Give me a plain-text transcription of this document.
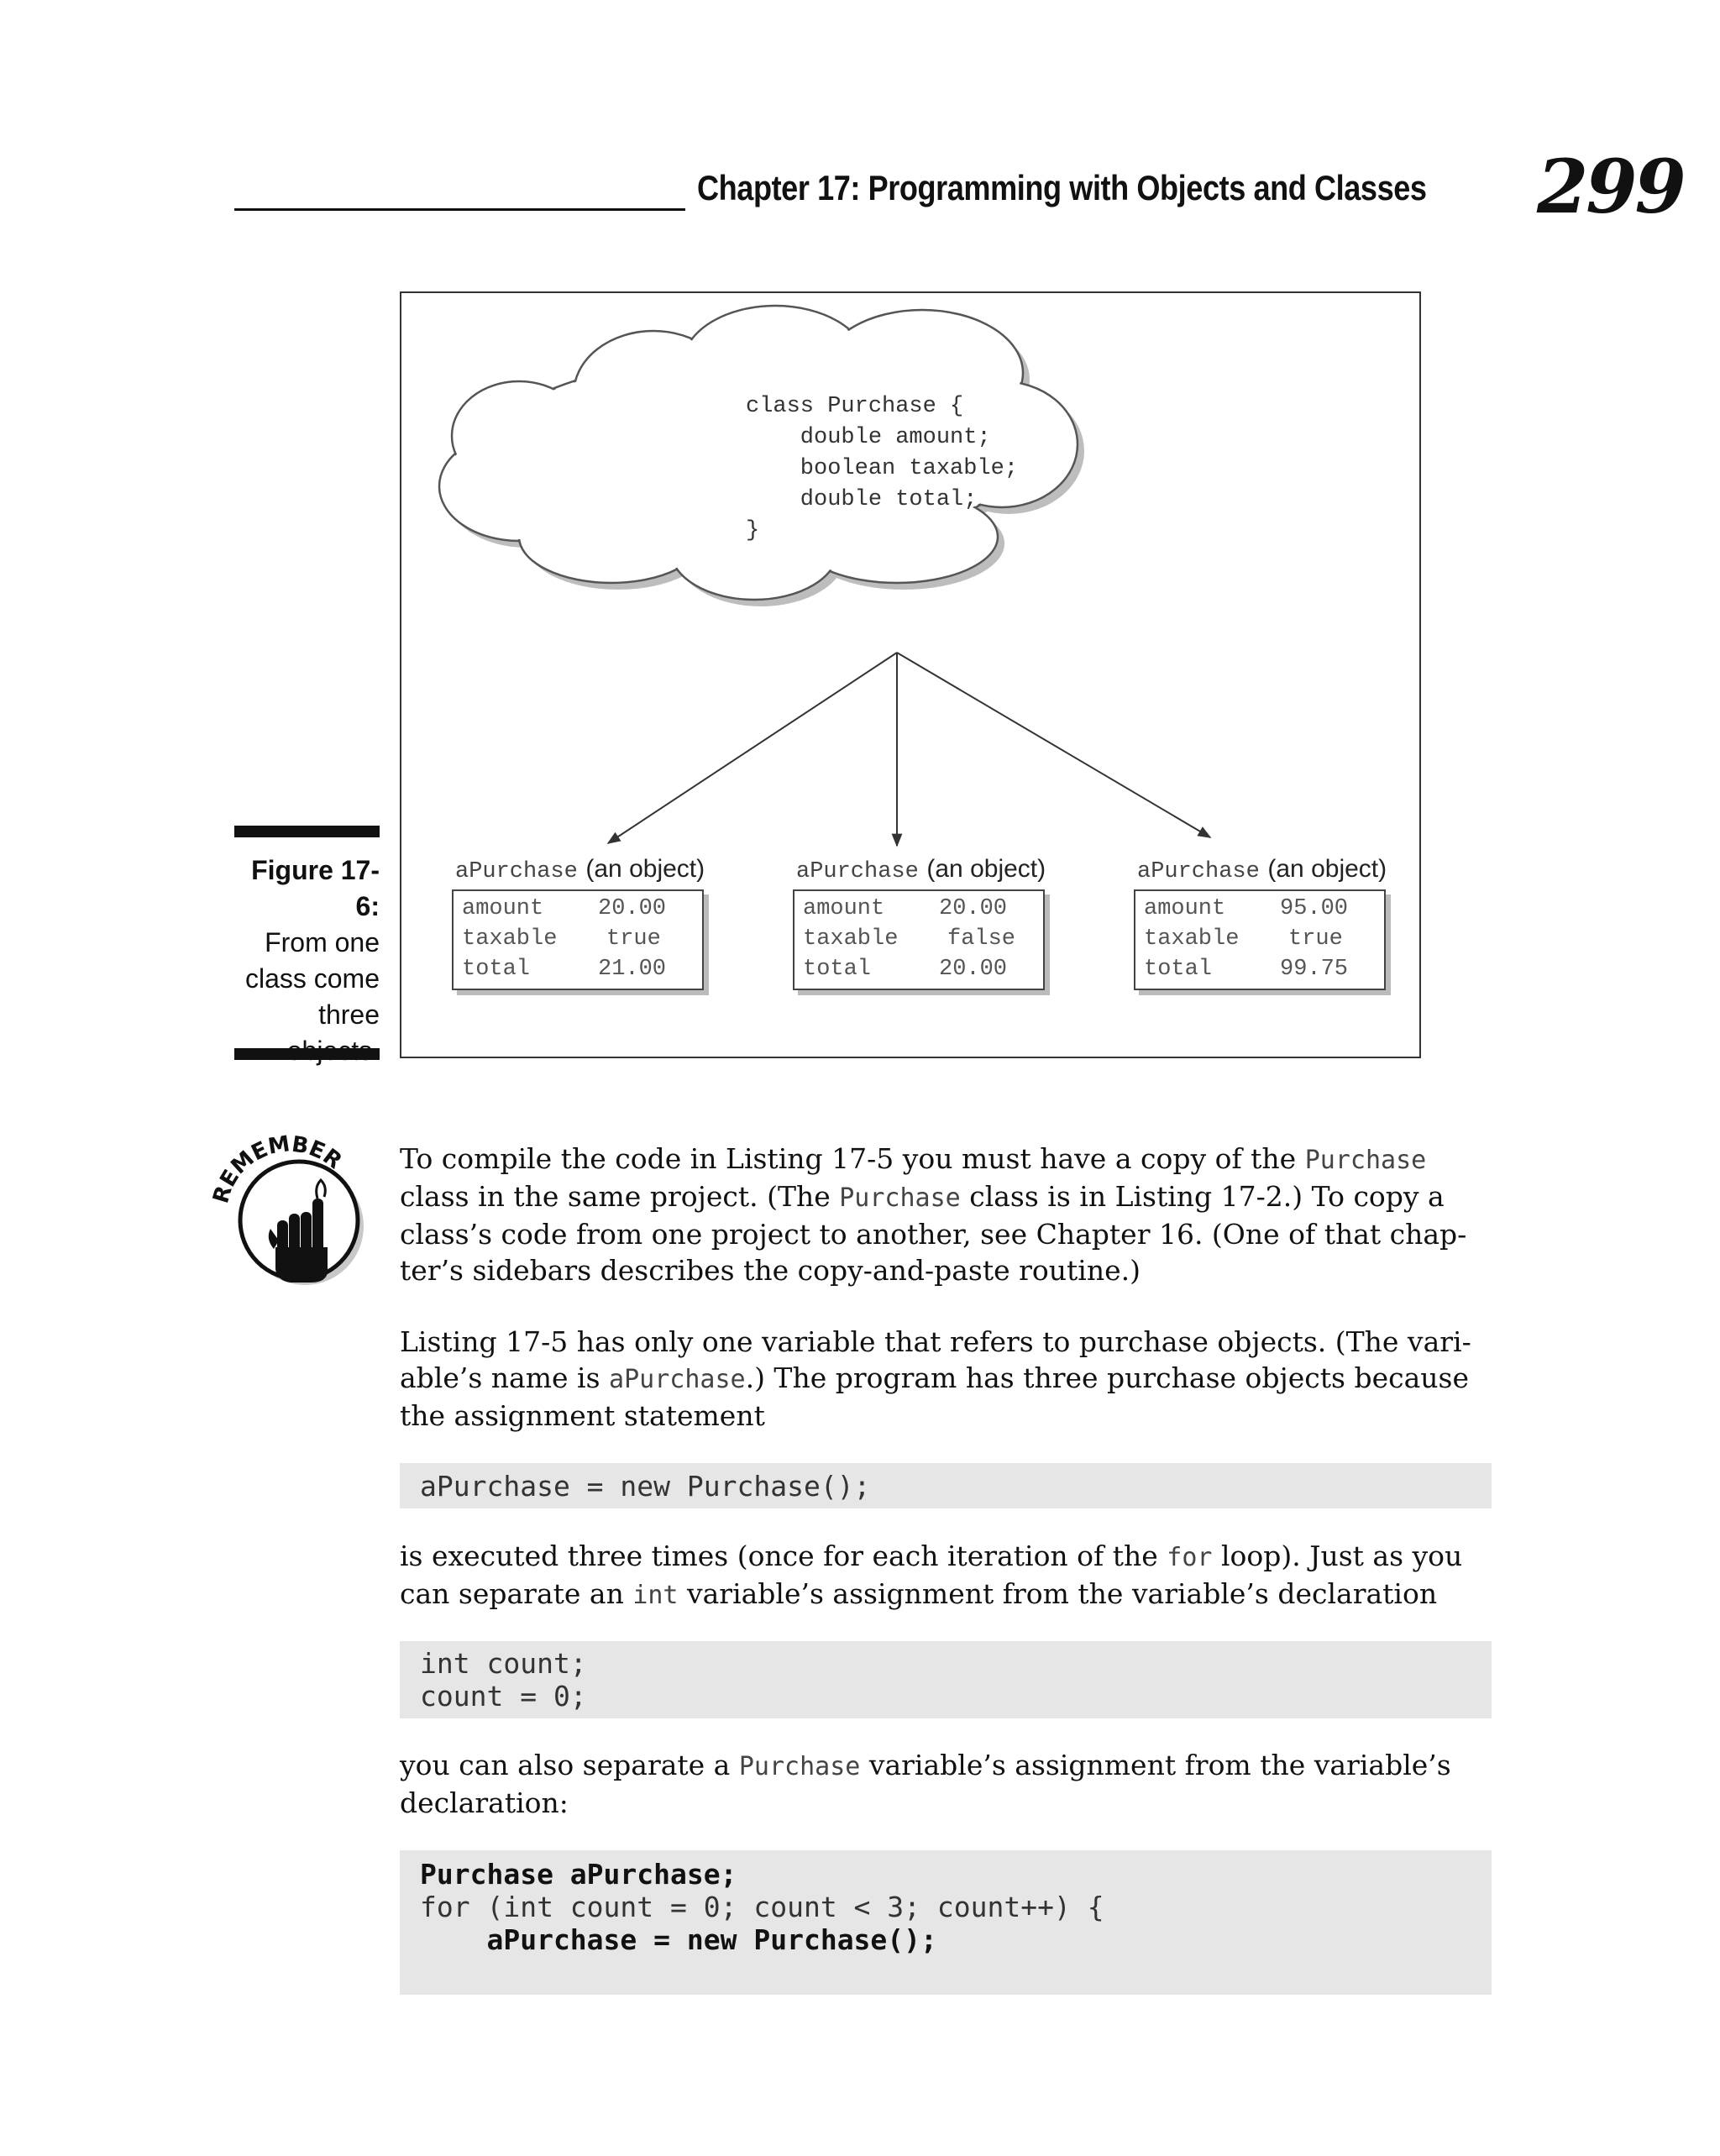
Chapter 17: Programming with Objects and Classes 299
class Purchase {
double amount;
boolean taxable;
double total;
}
aPurchase (an object)
amount 20.00
taxable true
total	21.00
aPurchase (an object)
amount 20.00
taxable false
total	20.00
aPurchase (an object)
amount 95.00
taxable true
total	99.75
Figure 17-6:
From one
class come
three
REMEMBER To compile the code in Listing 17-5 you must have a copy of the Purchase
class in the same project. (The Purchase class is in Listing 17-2.) To copy a
class’s code from one project to another, see Chapter 16. (One of that chap-
ter’s sidebars describes the copy-and-paste routine.)
Listing 17-5 has only one variable that refers to purchase objects. (The vari-
able’s name is aPurchase.) The program has three purchase objects because
the assignment statement
aPurchase = new Purchase();
is executed three times (once for each iteration of the for loop). Just as you
can separate an int variable’s assignment from the variable’s declaration
int count;
count = 0;
you can also separate a Purchase variable’s assignment from the variable’s
declaration:
Purchase aPurchase;
for (int count = 0; count < 3; count++) {
aPurchase = new Purchase();
